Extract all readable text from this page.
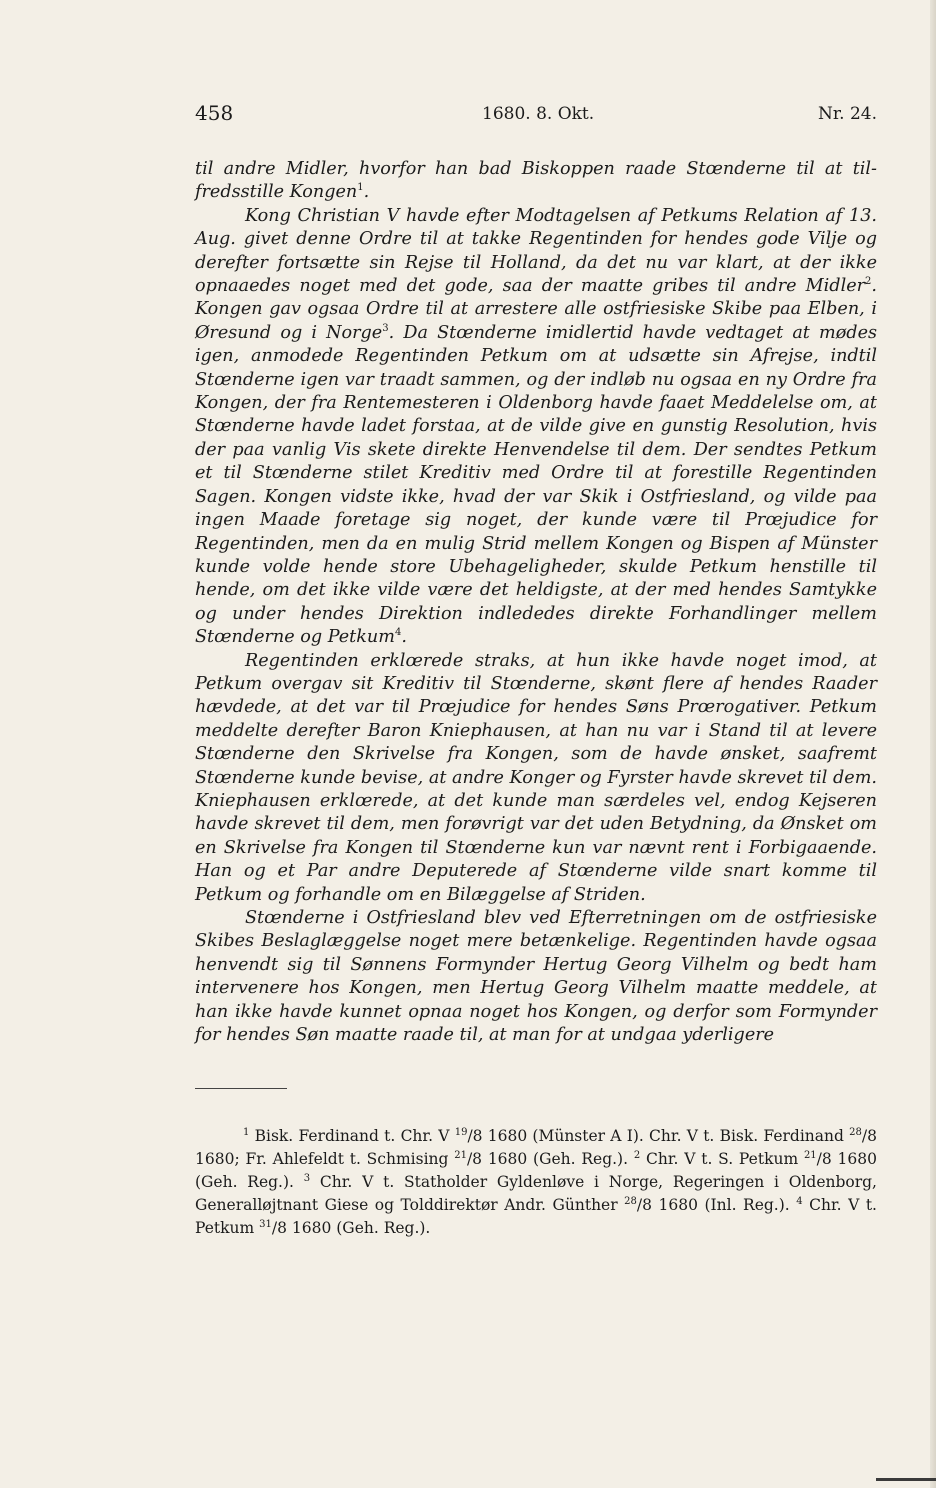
458	1680. 8. Okt.	Nr. 24.

til andre Midler, hvorfor han bad Biskoppen raade Stœnderne til at tilfredsstille Kongen$^1$.

Kong Christian V havde efter Modtagelsen af Petkums Relation af 13. Aug. givet denne Ordre til at takke Regentinden for hendes gode Vilje og derefter fortsætte sin Rejse til Holland, da det nu var klart, at der ikke opnaaedes noget med det gode, saa der maatte gribes til andre Midler$^2$. Kongen gav ogsaa Ordre til at arrestere alle ostfriesiske Skibe paa Elben, i Øresund og i Norge$^3$. Da Stœnderne imidlertid havde vedtaget at mødes igen, anmodede Regentinden Petkum om at udsætte sin Afrejse, indtil Stœnderne igen var traadt sammen, og der indløb nu ogsaa en ny Ordre fra Kongen, der fra Rentemesteren i Oldenborg havde faaet Meddelelse om, at Stœnderne havde ladet forstaa, at de vilde give en gunstig Resolution, hvis der paa vanlig Vis skete direkte Henvendelse til dem. Der sendtes Petkum et til Stœnderne stilet Kreditiv med Ordre til at forestille Regentinden Sagen. Kongen vidste ikke, hvad der var Skik i Ostfriesland, og vilde paa ingen Maade foretage sig noget, der kunde være til Prœjudice for Regentinden, men da en mulig Strid mellem Kongen og Bispen af Münster kunde volde hende store Ubehageligheder, skulde Petkum henstille til hende, om det ikke vilde være det heldigste, at der med hendes Samtykke og under hendes Direktion indlededes direkte Forhandlinger mellem Stœnderne og Petkum$^4$.

Regentinden erklœrede straks, at hun ikke havde noget imod, at Petkum overgav sit Kreditiv til Stœnderne, skønt flere af hendes Raader hævdede, at det var til Prœjudice for hendes Søns Prœrogativer. Petkum meddelte derefter Baron Kniephausen, at han nu var i Stand til at levere Stœnderne den Skrivelse fra Kongen, som de havde ønsket, saafremt Stœnderne kunde bevise, at andre Konger og Fyrster havde skrevet til dem. Kniephausen erklœrede, at det kunde man særdeles vel, endog Kejseren havde skrevet til dem, men forøvrigt var det uden Betydning, da Ønsket om en Skrivelse fra Kongen til Stœnderne kun var nævnt rent i Forbigaaende. Han og et Par andre Deputerede af Stœnderne vilde snart komme til Petkum og forhandle om en Bilæggelse af Striden.

Stœnderne i Ostfriesland blev ved Efterretningen om de ostfriesiske Skibes Beslaglæggelse noget mere betænkelige. Regentinden havde ogsaa henvendt sig til Sønnens Formynder Hertug Georg Vilhelm og bedt ham intervenere hos Kongen, men Hertug Georg Vilhelm maatte meddele, at han ikke havde kunnet opnaa noget hos Kongen, og derfor som Formynder for hendes Søn maatte raade til, at man for at undgaa yderligere

$^1$ Bisk. Ferdinand t. Chr. V $^{19}$/8 1680 (Münster A I). Chr. V t. Bisk. Ferdinand $^{28}$/8 1680; Fr. Ahlefeldt t. Schmising $^{21}$/8 1680 (Geh. Reg.). $^2$ Chr. V t. S. Petkum $^{21}$/8 1680 (Geh. Reg.). $^3$ Chr. V t. Statholder Gyldenløve i Norge, Regeringen i Oldenborg, Generalløjtnant Giese og Tolddirektør Andr. Günther $^{28}$/8 1680 (Inl. Reg.). $^4$ Chr. V t. Petkum $^{31}$/8 1680 (Geh. Reg.).
